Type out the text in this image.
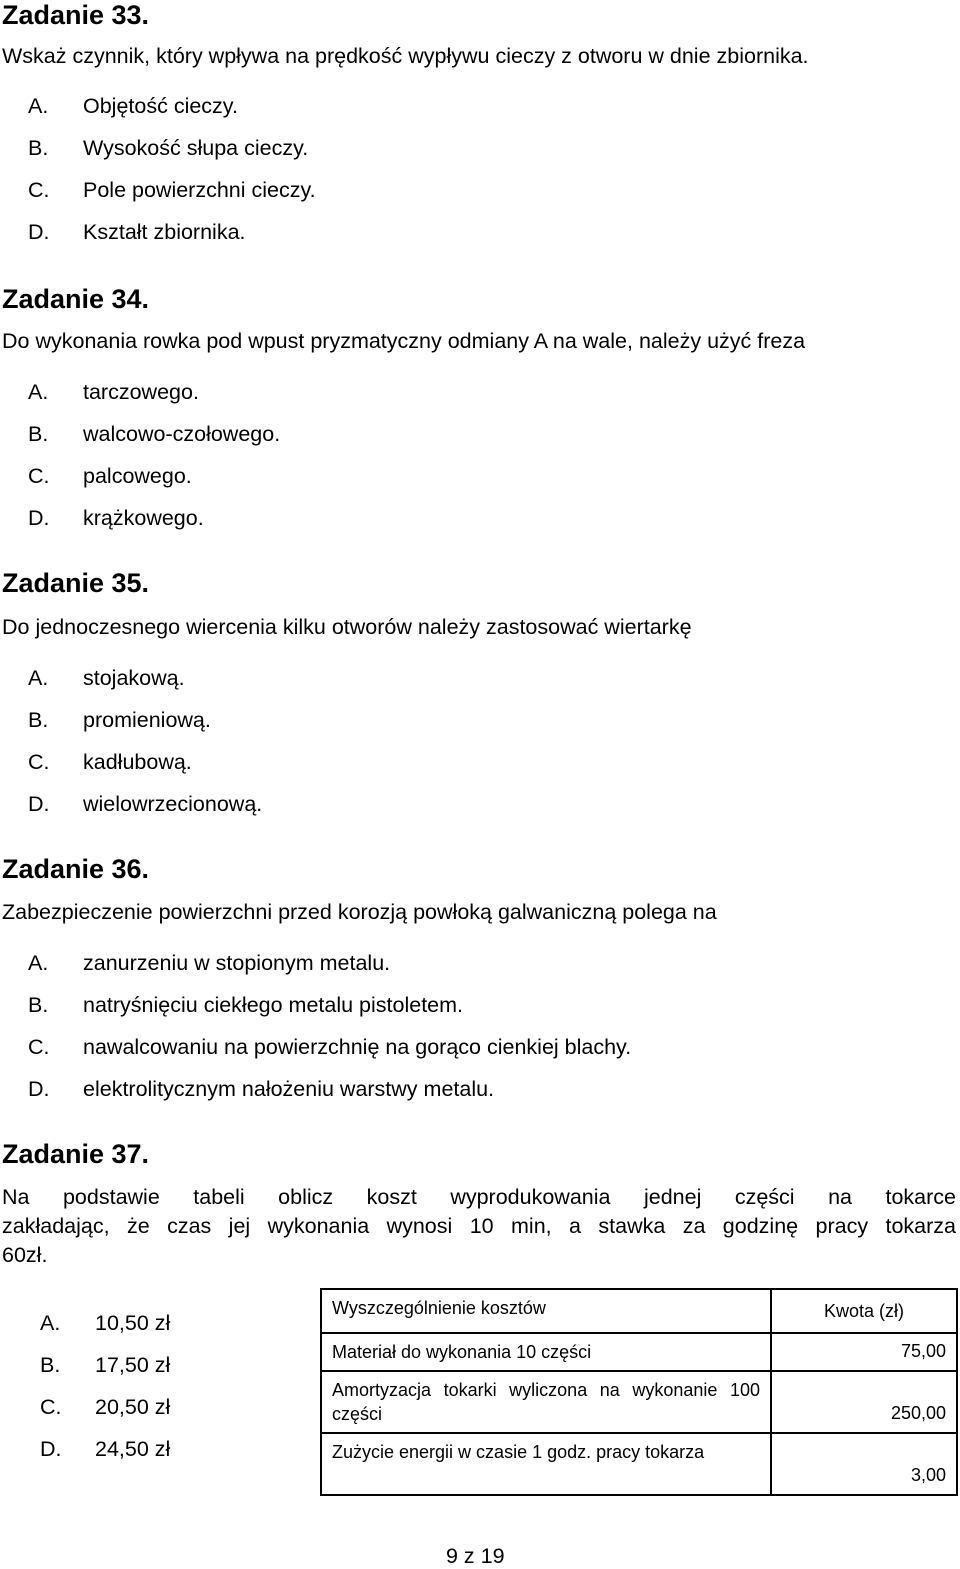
Zadanie 33.
Wskaż czynnik, który wpływa na prędkość wypływu cieczy z otworu w dnie zbiornika.
A. Objętość cieczy.
B. Wysokość słupa cieczy.
C. Pole powierzchni cieczy.
D. Kształt zbiornika.
Zadanie 34.
Do wykonania rowka pod wpust pryzmatyczny odmiany A na wale, należy użyć freza
A. tarczowego.
B. walcowo-czołowego.
C. palcowego.
D. krążkowego.
Zadanie 35.
Do jednoczesnego wiercenia kilku otworów należy zastosować wiertarkę
A. stojakową.
B. promieniową.
C. kadłubową.
D. wielowrzecionową.
Zadanie 36.
Zabezpieczenie powierzchni przed korozją powłoką galwaniczną polega na
A. zanurzeniu w stopionym metalu.
B. natryśnięciu ciekłego metalu pistoletem.
C. nawalcowaniu na powierzchnię na gorąco cienkiej blachy.
D. elektrolitycznym nałożeniu warstwy metalu.
Zadanie 37.
Na podstawie tabeli oblicz koszt wyprodukowania jednej części na tokarce
zakładając, że czas jej wykonania wynosi 10 min, a stawka za godzinę pracy tokarza
60zł.
A. 10,50 zł
B. 17,50 zł
C. 20,50 zł
D. 24,50 zł
Wyszczególnienie kosztów	Kwota (zł)
Materiał do wykonania 10 części	75,00
Amortyzacja tokarki wyliczona na wykonanie 100 części	250,00
Zużycie energii w czasie 1 godz. pracy tokarza	3,00
9 z 19
